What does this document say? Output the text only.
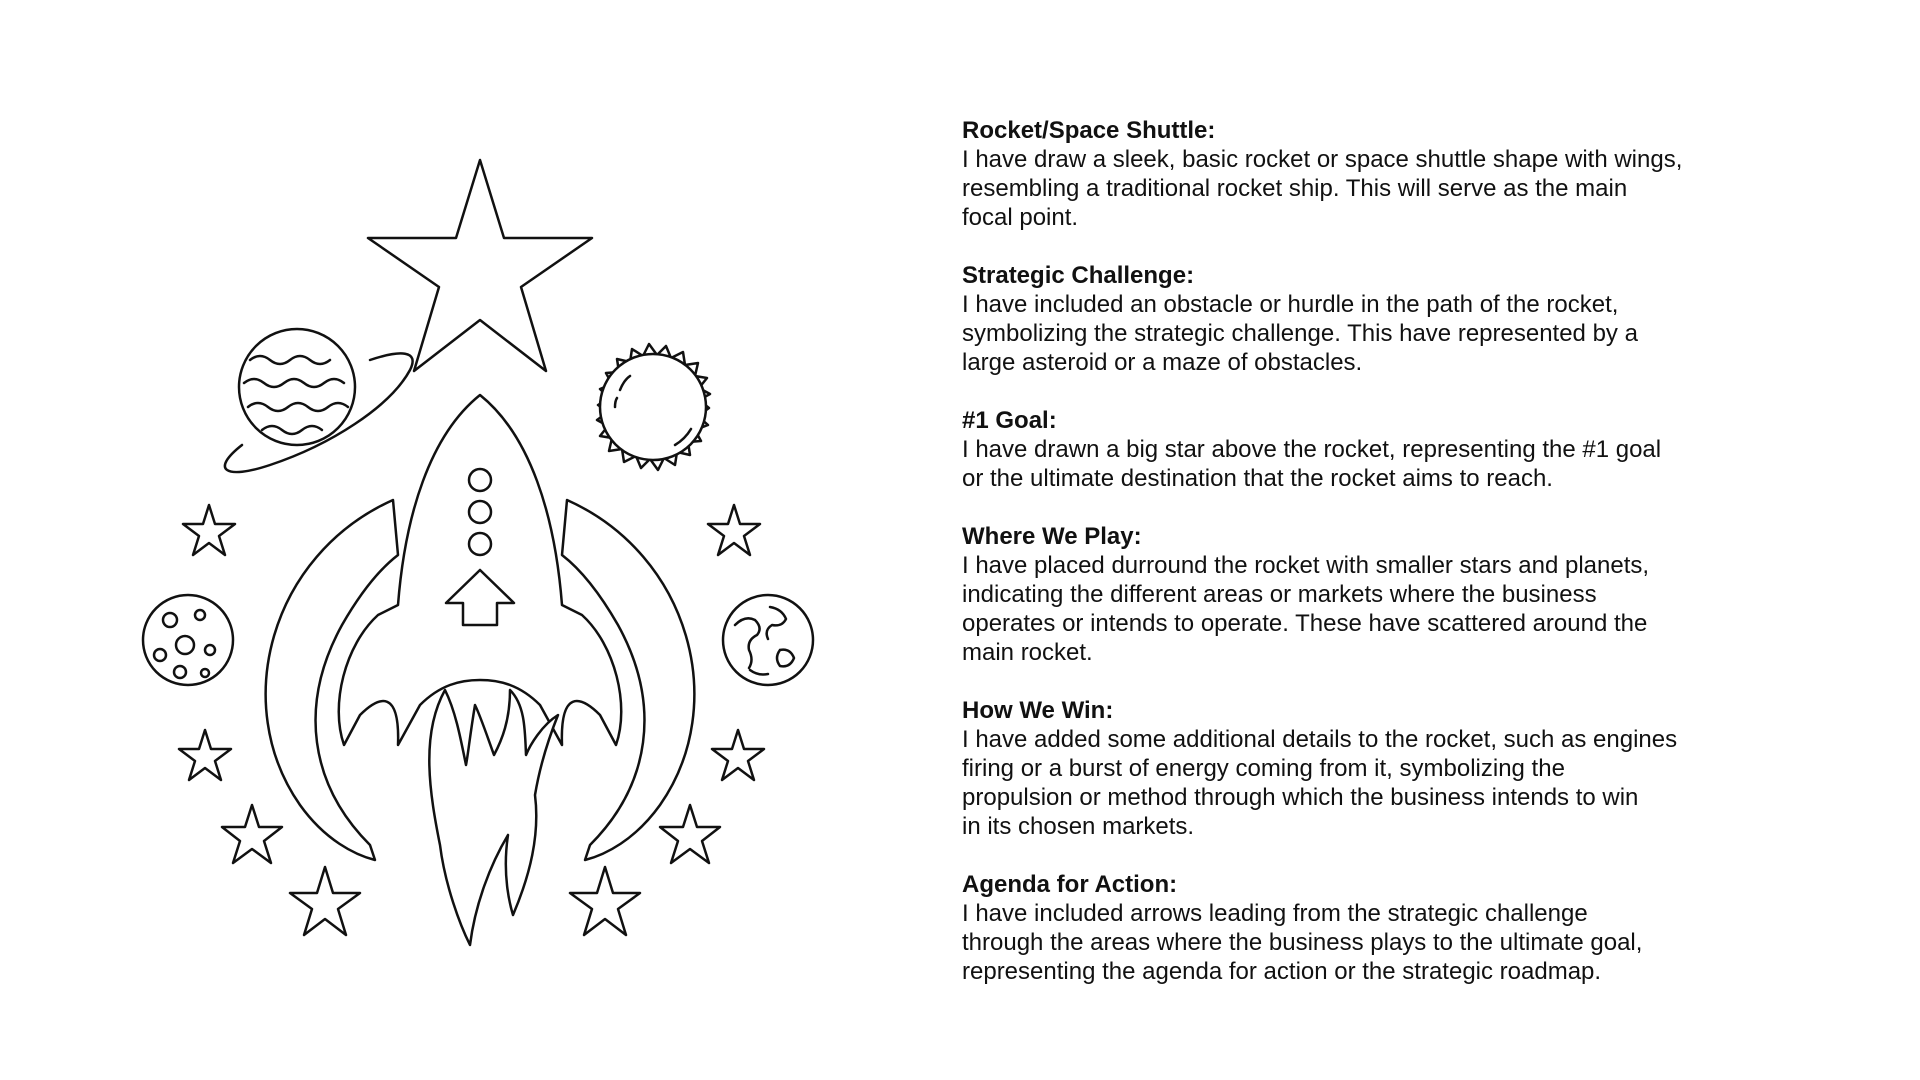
Rocket/Space Shuttle:

I have draw a sleek, basic rocket or space shuttle shape with wings,
resembling a traditional rocket ship. This will serve as the main
focal point.

Strategic Challenge:

I have included an obstacle or hurdle in the path of the rocket,
symbolizing the strategic challenge. This have represented by a
large asteroid or a maze of obstacles.

#1 Goal:

I have drawn a big star above the rocket, representing the #1 goal
or the ultimate destination that the rocket aims to reach.

Where We Play:

I have placed durround the rocket with smaller stars and planets,
indicating the different areas or markets where the business
operates or intends to operate. These have scattered around the
main rocket.

How We Win:

I have added some additional details to the rocket, such as engines
firing or a burst of energy coming from it, symbolizing the
propulsion or method through which the business intends to win
in its chosen markets.

Agenda for Action:

I have included arrows leading from the strategic challenge
through the areas where the business plays to the ultimate goal,
representing the agenda for action or the strategic roadmap.
